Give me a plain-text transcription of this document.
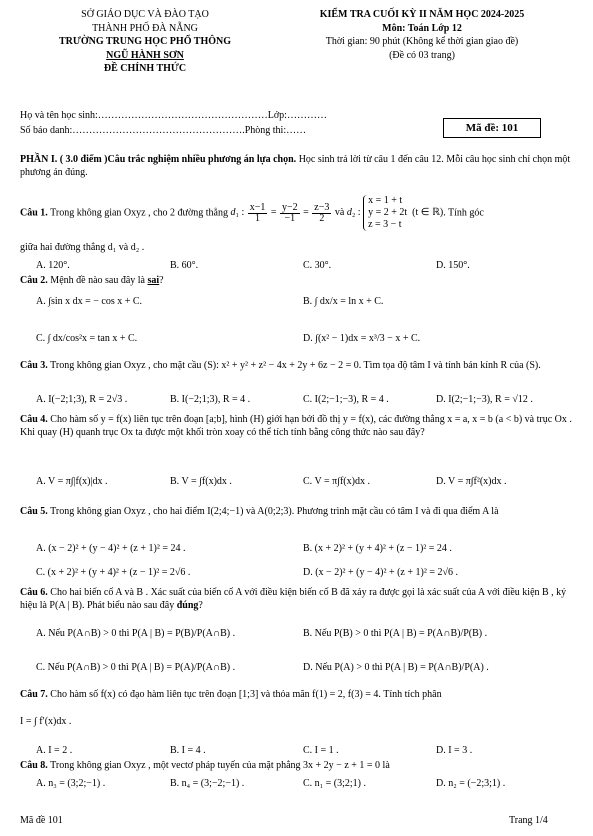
SỞ GIÁO DỤC VÀ ĐÀO TẠO
THÀNH PHỐ ĐÀ NẴNG
TRƯỜNG TRUNG HỌC PHỔ THÔNG
NGŨ HÀNH SƠN
ĐỀ CHÍNH THỨC
KIỂM TRA CUỐI KỲ II NĂM HỌC 2024-2025
Môn: Toán Lớp 12
Thời gian: 90 phút (Không kể thời gian giao đề)
(Đề có 03 trang)
Họ và tên học sinh:……………………………………………Lớp:…………
Số báo danh:…………………………………………….Phòng thi:……	Mã đề: 101
PHẦN I. ( 3.0 điểm )Câu trắc nghiệm nhiều phương án lựa chọn. Học sinh trả lời từ câu 1 đến câu 12. Mỗi câu học sinh chỉ chọn một phương án đúng.
Câu 1. Trong không gian Oxyz , cho 2 đường thẳng d₁ : $\frac{x-1}{1} = \frac{y-2}{-1} = \frac{z-3}{2}$ và d₂ : x = 1 + t
y = 2 + 2t  (t ∈ ℝ)
z = 3 − t. Tính góc
giữa hai đường thẳng d₁ và d₂ .
A. 120°.	B. 60°.	C. 30°.	D. 150°.
Câu 2. Mệnh đề nào sau đây là sai?
A. ∫sin x dx = − cos x + C.	B. ∫ dx/x = ln x + C.
C. ∫ dx/cos²x = tan x + C.	D. ∫(x² − 1)dx = x³/3 − x + C.
Câu 3. Trong không gian Oxyz , cho mặt cầu (S): x² + y² + z² − 4x + 2y + 6z − 2 = 0. Tìm tọa độ tâm I và tính bán kính R của (S).
A. I(−2;1;3), R = 2√3 .	B. I(−2;1;3), R = 4 .	C. I(2;−1;−3), R = 4 .	D. I(2;−1;−3), R = √12 .
Câu 4. Cho hàm số y = f(x) liên tục trên đoạn [a;b], hình (H) giới hạn bởi đồ thị y = f(x), các đường thẳng x = a, x = b (a < b) và trục Ox . Khi quay (H) quanh trục Ox ta được một khối tròn xoay có thể tích tính bằng công thức nào sau đây?
A. V = π∫|f(x)|dx .	B. V = ∫f(x)dx .	C. V = π∫f(x)dx .	D. V = π∫f²(x)dx .
Câu 5. Trong không gian Oxyz , cho hai điểm I(2;4;−1) và A(0;2;3). Phương trình mặt cầu có tâm I và đi qua điểm A là
A. (x − 2)² + (y − 4)² + (z + 1)² = 24 .	B. (x + 2)² + (y + 4)² + (z − 1)² = 24 .
C. (x + 2)² + (y + 4)² + (z − 1)² = 2√6 .	D. (x − 2)² + (y − 4)² + (z + 1)² = 2√6 .
Câu 6. Cho hai biến cố A và B . Xác suất của biến cố A với điều kiện biến cố B đã xảy ra được gọi là xác suất của A với điều kiện B , ký hiệu là P(A | B). Phát biểu nào sau đây đúng?
A. Nếu P(A∩B) > 0 thì P(A | B) = P(B)/P(A∩B) .	B. Nếu P(B) > 0 thì P(A | B) = P(A∩B)/P(B) .
C. Nếu P(A∩B) > 0 thì P(A | B) = P(A)/P(A∩B) .	D. Nếu P(A) > 0 thì P(A | B) = P(A∩B)/P(A) .
Câu 7. Cho hàm số f(x) có đạo hàm liên tục trên đoạn [1;3] và thỏa mãn f(1) = 2, f(3) = 4. Tính tích phân
I = ∫ f′(x)dx .
A. I = 2 .	B. I = 4 .	C. I = 1 .	D. I = 3 .
Câu 8. Trong không gian Oxyz , một vectơ pháp tuyến của mặt phẳng 3x + 2y − z + 1 = 0 là
A. n₃ = (3;2;−1) .	B. n₄ = (3;−2;−1) .	C. n₁ = (3;2;1) .	D. n₂ = (−2;3;1) .
Mã đề 101	Trang 1/4
